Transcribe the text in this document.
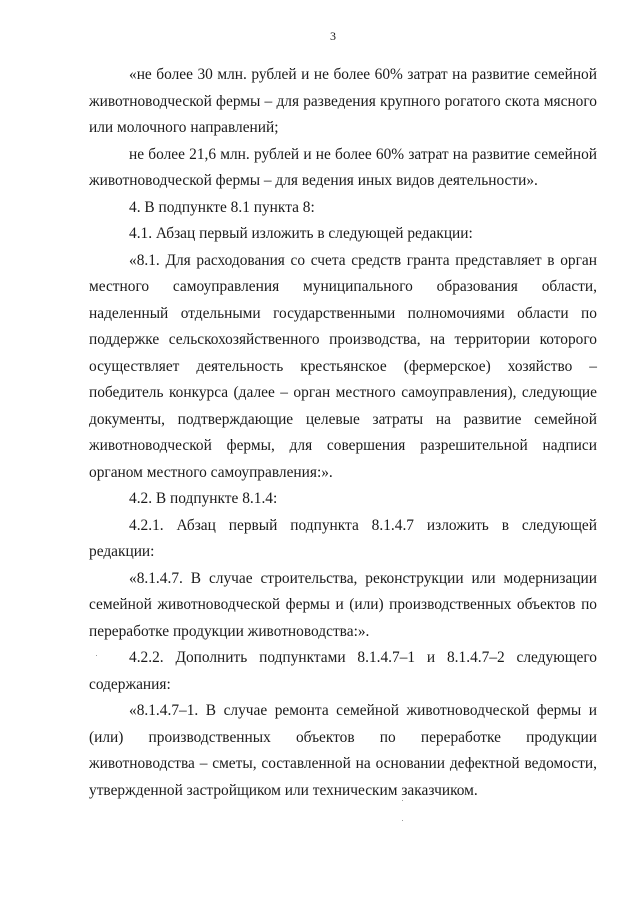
3

«не более 30 млн. рублей и не более 60% затрат на развитие семейной животноводческой фермы – для разведения крупного рогатого скота мясного или молочного направлений;

не более 21,6 млн. рублей и не более 60% затрат на развитие семейной животноводческой фермы – для ведения иных видов деятельности».

4. В подпункте 8.1 пункта 8:

4.1. Абзац первый изложить в следующей редакции:

«8.1. Для расходования со счета средств гранта представляет в орган местного самоуправления муниципального образования области, наделенный отдельными государственными полномочиями области по поддержке сельскохозяйственного производства, на территории которого осуществляет деятельность крестьянское (фермерское) хозяйство – победитель конкурса (далее – орган местного самоуправления), следующие документы, подтверждающие целевые затраты на развитие семейной животноводческой фермы, для совершения разрешительной надписи органом местного самоуправления:».

4.2. В подпункте 8.1.4:

4.2.1. Абзац первый подпункта 8.1.4.7 изложить в следующей редакции:

«8.1.4.7. В случае строительства, реконструкции или модернизации семейной животноводческой фермы и (или) производственных объектов по переработке продукции животноводства:».

4.2.2. Дополнить подпунктами 8.1.4.7–1 и 8.1.4.7–2 следующего содержания:

«8.1.4.7–1. В случае ремонта семейной животноводческой фермы и (или) производственных объектов по переработке продукции животноводства – сметы, составленной на основании дефектной ведомости, утвержденной застройщиком или техническим заказчиком.
